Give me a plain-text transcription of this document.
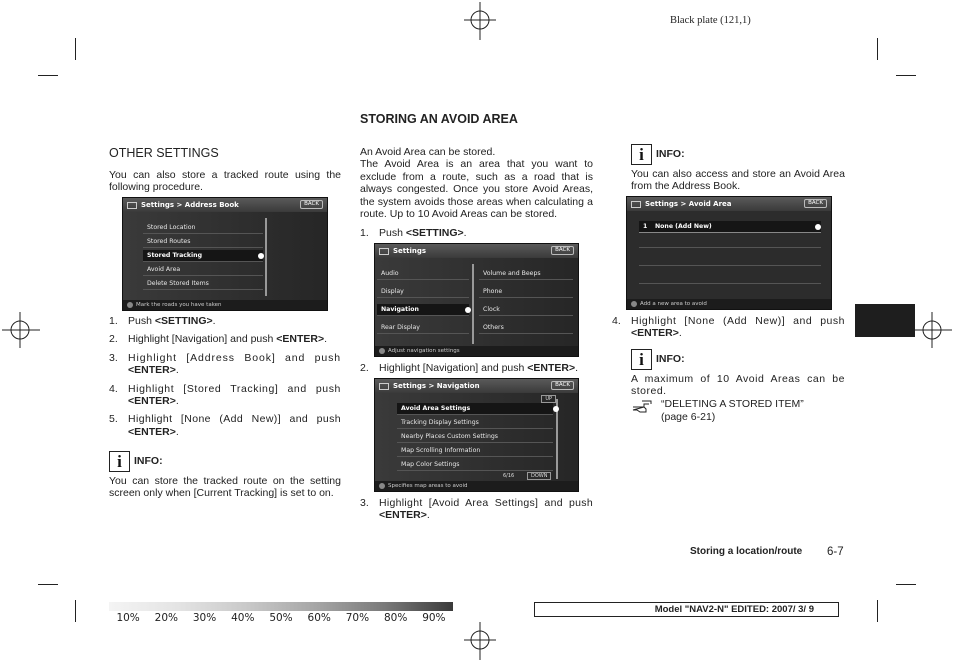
Black plate (121,1)
OTHER SETTINGS

You can also store a tracked route using the following procedure.

Settings > Address Book	BACK
Stored Location
Stored Routes
Stored Tracking
Avoid Area
Delete Stored Items
Mark the roads you have taken
1. Push <SETTING>.
2. Highlight [Navigation] and push <ENTER>.
3. Highlight [Address Book] and push <ENTER>.
4. Highlight [Stored Tracking] and push <ENTER>.
5. Highlight [None (Add New)] and push <ENTER>.
i INFO:

You can store the tracked route on the setting screen only when [Current Tracking] is set to on.

STORING AN AVOID AREA

An Avoid Area can be stored.

The Avoid Area is an area that you want to exclude from a route, such as a road that is always congested. Once you store Avoid Areas, the system avoids those areas when calculating a route. Up to 10 Avoid Areas can be stored.

1. Push <SETTING>.
Settings	BACK
Audio
Display
Navigation
Rear Display
Volume and Beeps
Phone
Clock
Others
Adjust navigation settings
2. Highlight [Navigation] and push <ENTER>.
Settings > Navigation	BACK
UP
Avoid Area Settings
Tracking Display Settings
Nearby Places Custom Settings
Map Scrolling Information
Map Color Settings
6/16	DOWN
Specifies map areas to avoid
3. Highlight [Avoid Area Settings] and push <ENTER>.
i INFO:

You can also access and store an Avoid Area from the Address Book.

Settings > Avoid Area	BACK
1	None (Add New)
Add a new area to avoid
4. Highlight [None (Add New)] and push <ENTER>.
i INFO:

A maximum of 10 Avoid Areas can be stored.

“DELETING A STORED ITEM”
(page 6-21)
Storing a location/route 6-7
10% 20% 30% 40% 50% 60% 70% 80% 90%
Model "NAV2-N" EDITED: 2007/ 3/ 9
